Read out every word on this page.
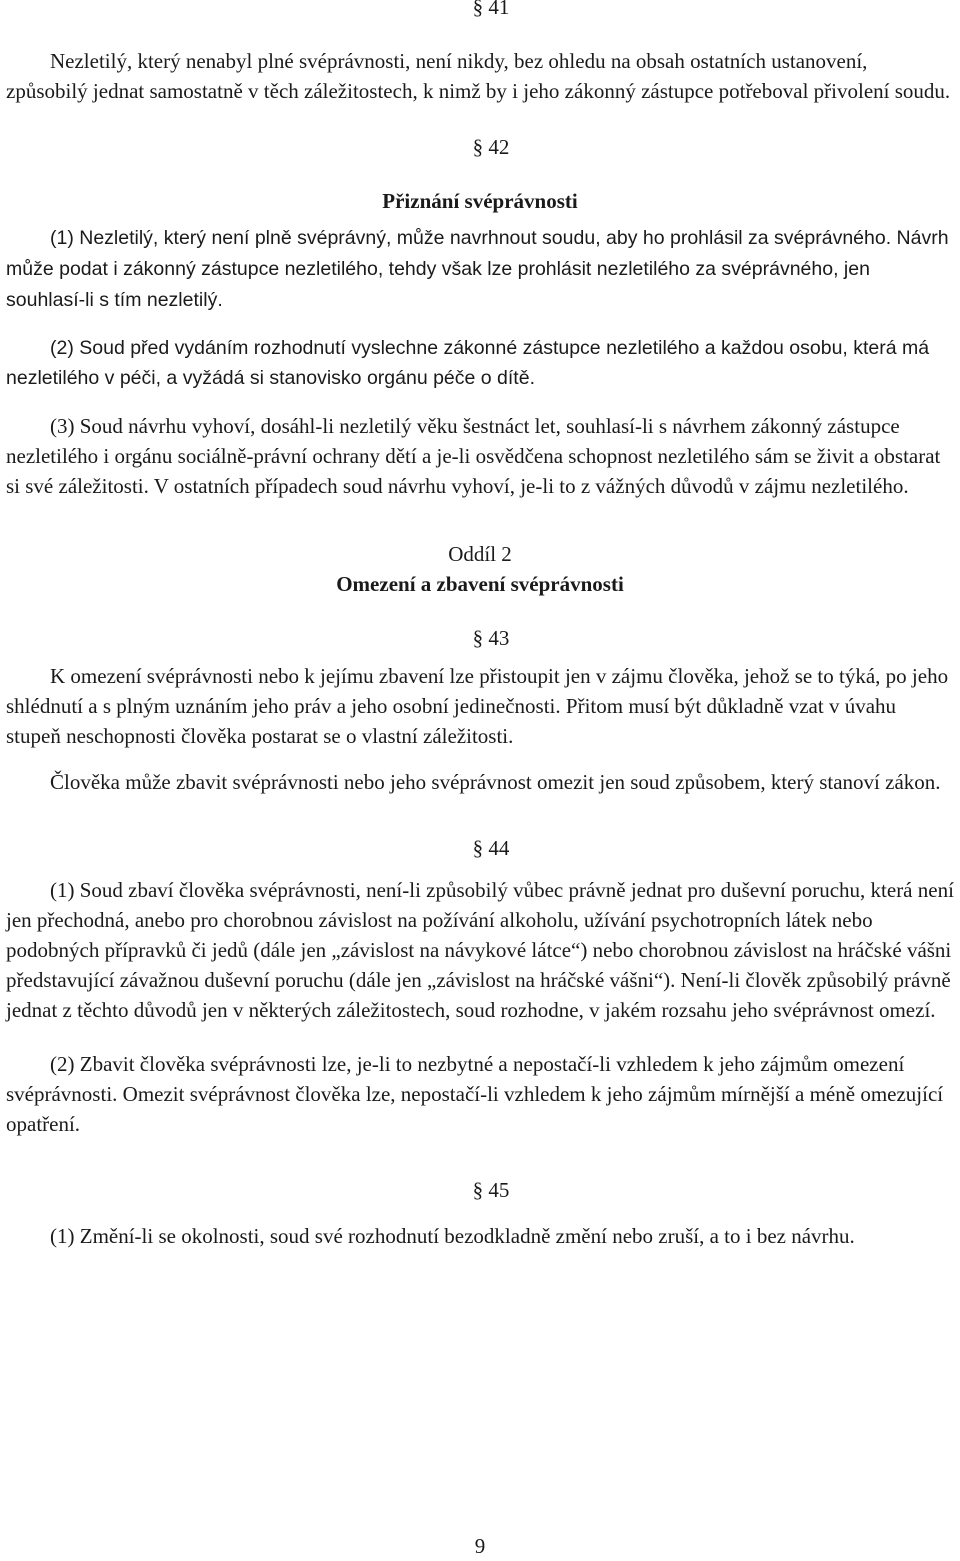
§ 41

Nezletilý, který nenabyl plné svéprávnosti, není nikdy, bez ohledu na obsah ostatních ustanovení, způsobilý jednat samostatně v těch záležitostech, k nimž by i jeho zákonný zástupce potřeboval přivolení soudu.

§ 42
Přiznání svéprávnosti

(1) Nezletilý, který není plně svéprávný, může navrhnout soudu, aby ho prohlásil za svéprávného. Návrh může podat i zákonný zástupce nezletilého, tehdy však lze prohlásit nezletilého za svéprávného, jen souhlasí-li s tím nezletilý.

(2) Soud před vydáním rozhodnutí vyslechne zákonné zástupce nezletilého a každou osobu, která má nezletilého v péči, a vyžádá si stanovisko orgánu péče o dítě.

(3) Soud návrhu vyhoví, dosáhl-li nezletilý věku šestnáct let, souhlasí-li s návrhem zákonný zástupce nezletilého i orgánu sociálně-právní ochrany dětí a je-li osvědčena schopnost nezletilého sám se živit a obstarat si své záležitosti. V ostatních případech soud návrhu vyhoví, je-li to z vážných důvodů v zájmu nezletilého.

Oddíl 2
Omezení a zbavení svéprávnosti
§ 43

K omezení svéprávnosti nebo k jejímu zbavení lze přistoupit jen v zájmu člověka, jehož se to týká, po jeho shlédnutí a s plným uznáním jeho práv a jeho osobní jedinečnosti. Přitom musí být důkladně vzat v úvahu stupeň neschopnosti člověka postarat se o vlastní záležitosti.

Člověka může zbavit svéprávnosti nebo jeho svéprávnost omezit jen soud způsobem, který stanoví zákon.

§ 44

(1) Soud zbaví člověka svéprávnosti, není-li způsobilý vůbec právně jednat pro duševní poruchu, která není jen přechodná, anebo pro chorobnou závislost na požívání alkoholu, užívání psychotropních látek nebo podobných přípravků či jedů (dále jen „závislost na návykové látce“) nebo chorobnou závislost na hráčské vášni představující závažnou duševní poruchu (dále jen „závislost na hráčské vášni“). Není-li člověk způsobilý právně jednat z těchto důvodů jen v některých záležitostech, soud rozhodne, v jakém rozsahu jeho svéprávnost omezí.

(2) Zbavit člověka svéprávnosti lze, je-li to nezbytné a nepostačí-li vzhledem k jeho zájmům omezení svéprávnosti. Omezit svéprávnost člověka lze, nepostačí-li vzhledem k jeho zájmům mírnější a méně omezující opatření.

§ 45

(1) Změní-li se okolnosti, soud své rozhodnutí bezodkladně změní nebo zruší, a to i bez návrhu.

9
